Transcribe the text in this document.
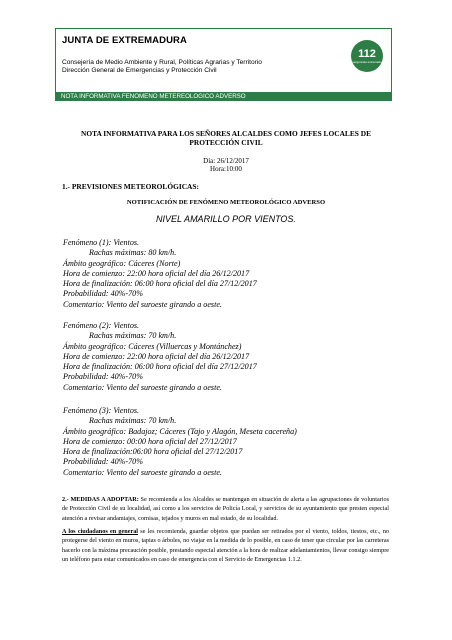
JUNTA DE EXTREMADURA
Consejería de Medio Ambiente y Rural, Políticas Agrarias y Territorio
Dirección General de Emergencias y Protección Civil
112
emergencias extremadura
NOTA INFORMATIVA FENOMENO METEREOLOGICO ADVERSO
NOTA INFORMATIVA PARA LOS SEÑORES ALCALDES COMO JEFES LOCALES DE
PROTECCIÓN CIVIL
Día: 26/12/2017
Hora:10:00
1.- PREVISIONES METEOROLÓGICAS:
NOTIFICACIÓN DE FENÓMENO METEOROLÓGICO ADVERSO
NIVEL AMARILLO POR VIENTOS.
Fenómeno (1): Vientos.
Rachas máximas: 80 km/h.
Ámbito geográfico: Cáceres (Norte)
Hora de comienzo: 22:00 hora oficial del día 26/12/2017
Hora de finalización: 06:00 hora oficial del día 27/12/2017
Probabilidad: 40%-70%
Comentario: Viento del suroeste girando a oeste.
Fenómeno (2): Vientos.
Rachas máximas: 70 km/h.
Ámbito geográfico: Cáceres (Villuercas y Montánchez)
Hora de comienzo: 22:00 hora oficial del día 26/12/2017
Hora de finalización: 06:00 hora oficial del día 27/12/2017
Probabilidad: 40%-70%
Comentario: Viento del suroeste girando a oeste.
Fenómeno (3): Vientos.
Rachas máximas: 70 km/h.
Ámbito geográfico: Badajoz; Cáceres (Tajo y Alagón, Meseta cacereña)
Hora de comienzo: 00:00 hora oficial del 27/12/2017
Hora de finalización:06:00 hora oficial del 27/12/2017
Probabilidad: 40%-70%
Comentario: Viento del suroeste girando a oeste.
2.- MEDIDAS A ADOPTAR: Se recomienda a los Alcaldes se mantengan en situación de alerta a las agrupaciones de voluntarios de Protección Civil de su localidad, así como a los servicios de Policía Local, y servicios de su ayuntamiento que presten especial atención a revisar andamiajes, cornisas, tejados y muros en mal estado, de su localidad.
A los ciudadanos en general se les recomienda, guardar objetos que puedan ser retirados por el viento, toldos, tiestos, etc., no protegerse del viento en muros, tapias o árboles, no viajar en la medida de lo posible, en caso de tener que circular por las carreteras hacerlo con la máxima precaución posible, prestando especial atención a la hora de realizar adelantamientos, llevar consigo siempre un teléfono para estar comunicados en caso de emergencia con el Servicio de Emergencias 1.1.2.
